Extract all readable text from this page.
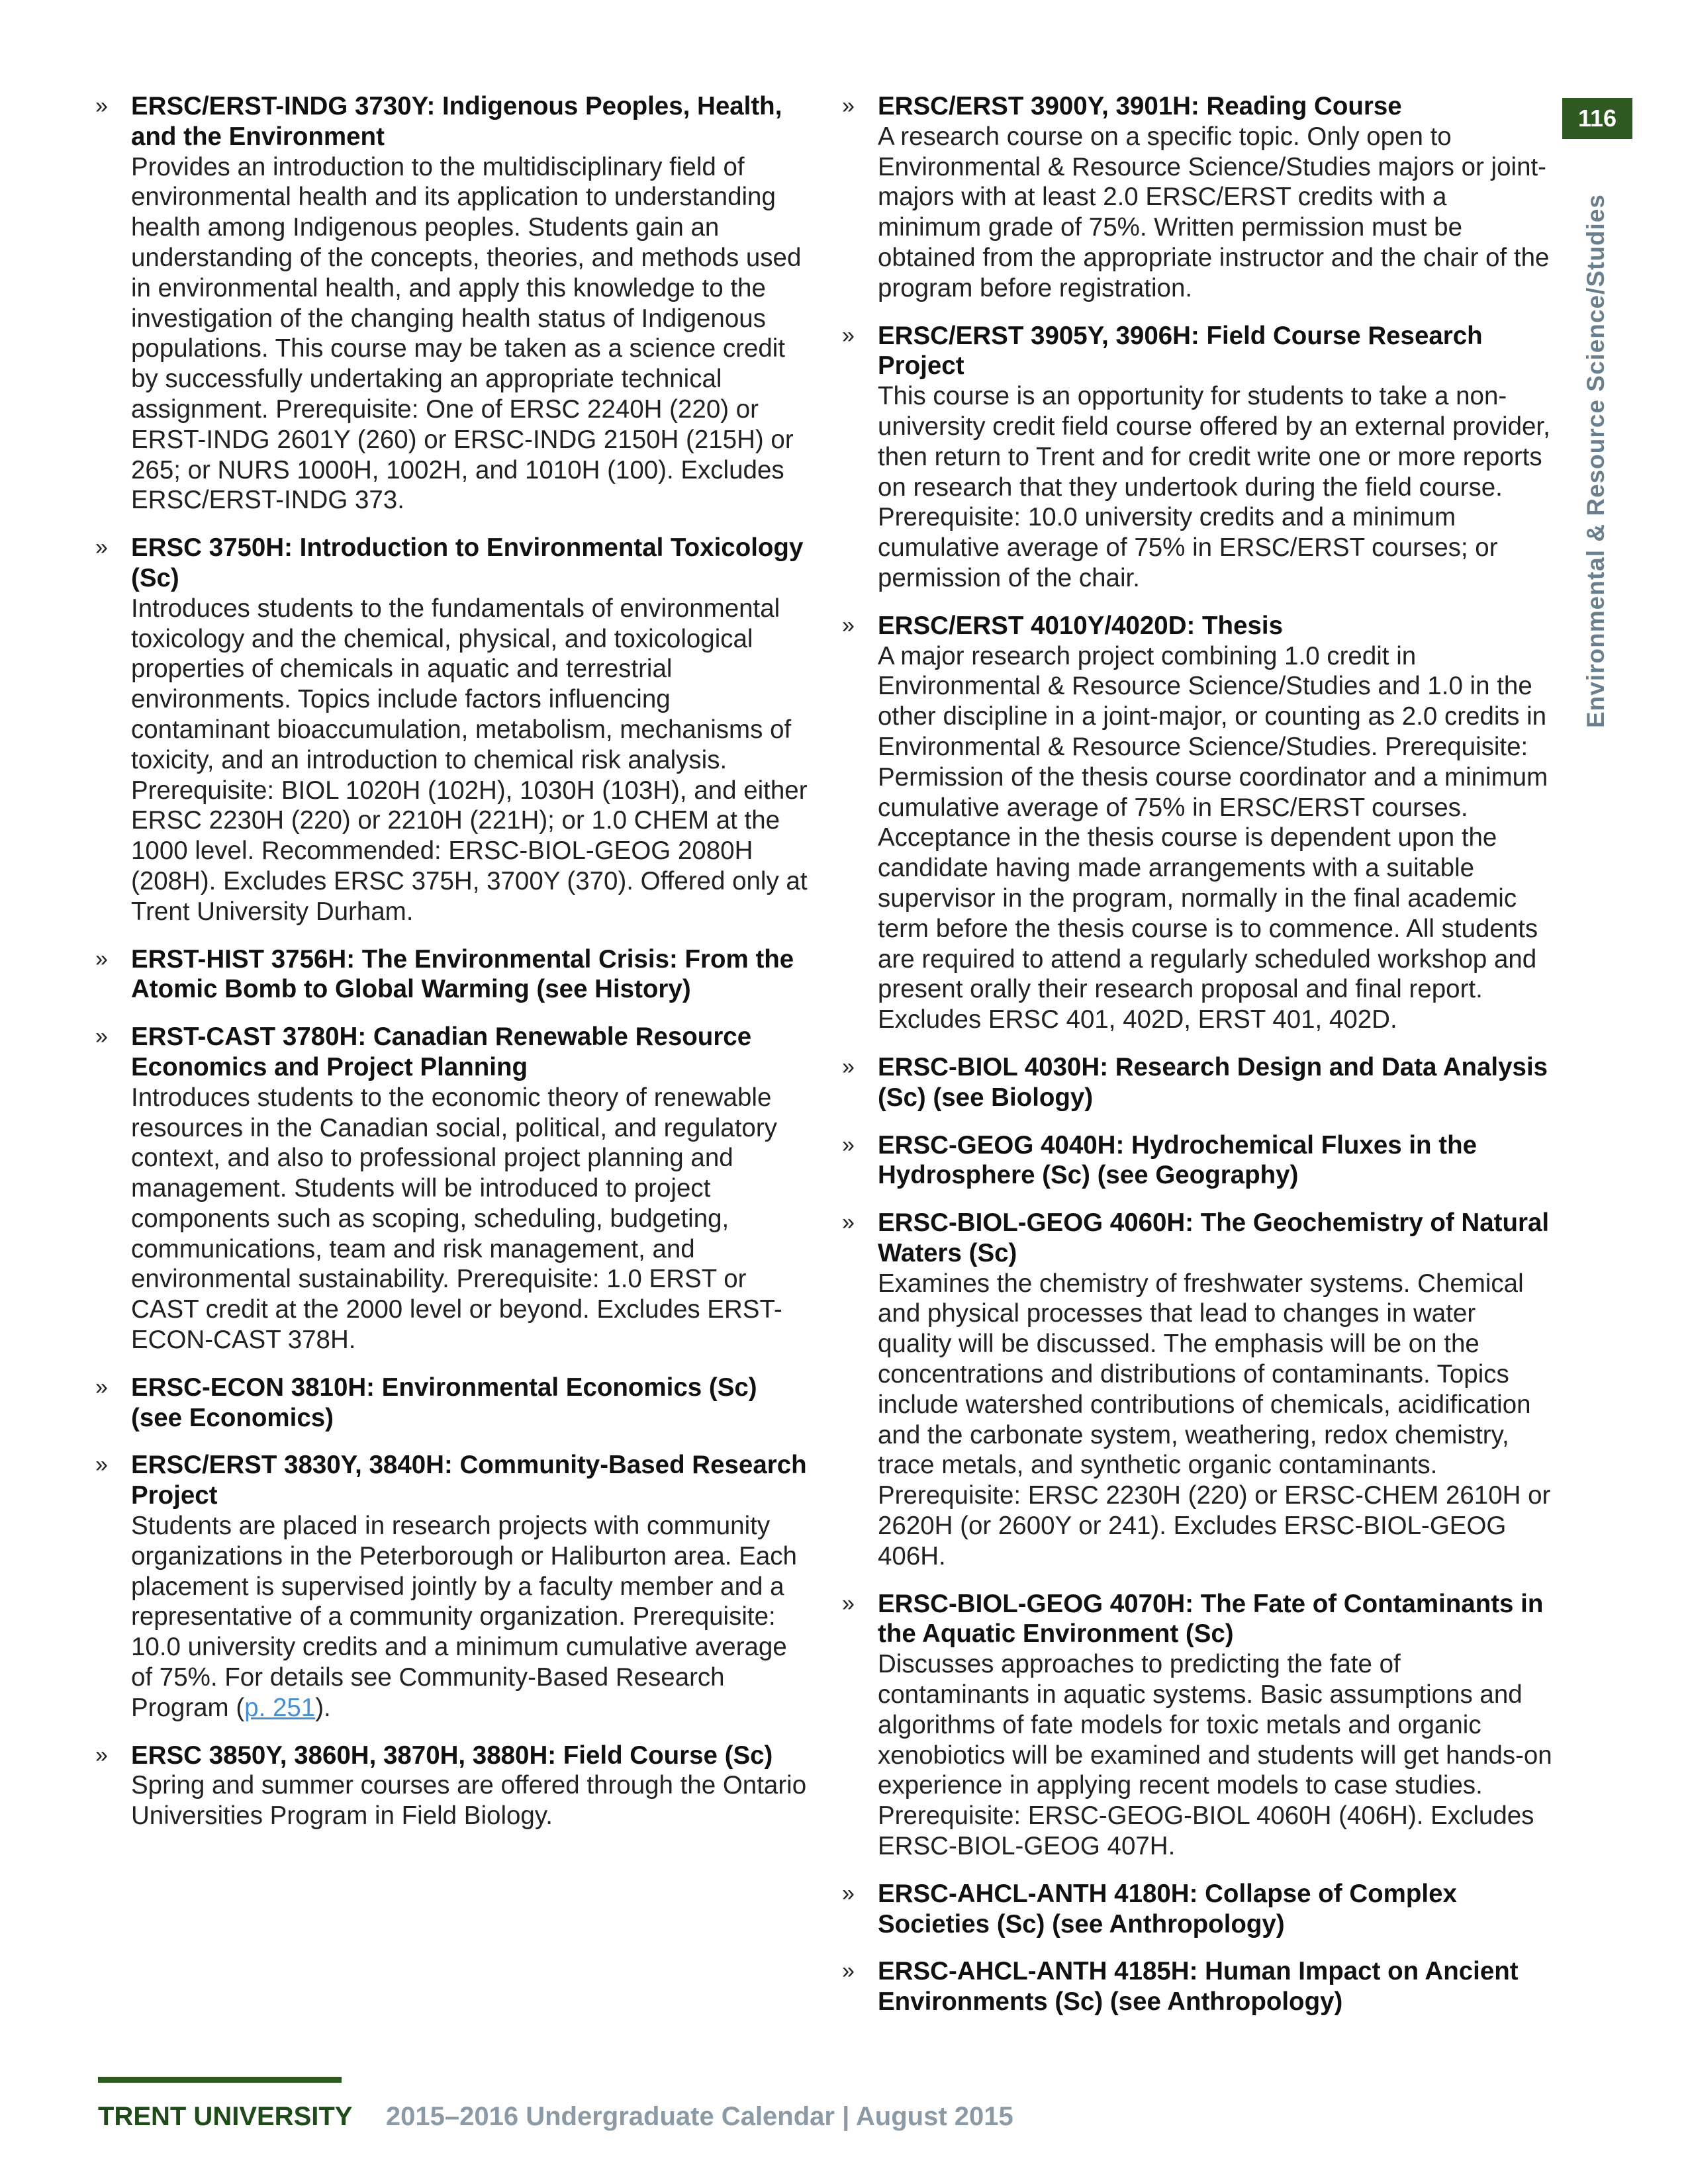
116
Environmental & Resource Science/Studies
» ERSC/ERST-INDG 3730Y: Indigenous Peoples, Health, and the Environment
Provides an introduction to the multidisciplinary field of environmental health and its application to understanding health among Indigenous peoples. Students gain an understanding of the concepts, theories, and methods used in environmental health, and apply this knowledge to the investigation of the changing health status of Indigenous populations. This course may be taken as a science credit by successfully undertaking an appropriate technical assignment. Prerequisite: One of ERSC 2240H (220) or ERST-INDG 2601Y (260) or ERSC-INDG 2150H (215H) or 265; or NURS 1000H, 1002H, and 1010H (100). Excludes ERSC/ERST-INDG 373.
» ERSC 3750H: Introduction to Environmental Toxicology (Sc)
Introduces students to the fundamentals of environmental toxicology and the chemical, physical, and toxicological properties of chemicals in aquatic and terrestrial environments. Topics include factors influencing contaminant bioaccumulation, metabolism, mechanisms of toxicity, and an introduction to chemical risk analysis. Prerequisite: BIOL 1020H (102H), 1030H (103H), and either ERSC 2230H (220) or 2210H (221H); or 1.0 CHEM at the 1000 level. Recommended: ERSC-BIOL-GEOG 2080H (208H). Excludes ERSC 375H, 3700Y (370). Offered only at Trent University Durham.
» ERST-HIST 3756H: The Environmental Crisis: From the Atomic Bomb to Global Warming (see History)
» ERST-CAST 3780H: Canadian Renewable Resource Economics and Project Planning
Introduces students to the economic theory of renewable resources in the Canadian social, political, and regulatory context, and also to professional project planning and management. Students will be introduced to project components such as scoping, scheduling, budgeting, communications, team and risk management, and environmental sustainability. Prerequisite: 1.0 ERST or CAST credit at the 2000 level or beyond. Excludes ERST-ECON-CAST 378H.
» ERSC-ECON 3810H: Environmental Economics (Sc) (see Economics)
» ERSC/ERST 3830Y, 3840H: Community-Based Research Project
Students are placed in research projects with community organizations in the Peterborough or Haliburton area. Each placement is supervised jointly by a faculty member and a representative of a community organization. Prerequisite: 10.0 university credits and a minimum cumulative average of 75%. For details see Community-Based Research Program (p. 251).
» ERSC 3850Y, 3860H, 3870H, 3880H: Field Course (Sc)
Spring and summer courses are offered through the Ontario Universities Program in Field Biology.
» ERSC/ERST 3900Y, 3901H: Reading Course
A research course on a specific topic. Only open to Environmental & Resource Science/Studies majors or joint-majors with at least 2.0 ERSC/ERST credits with a minimum grade of 75%. Written permission must be obtained from the appropriate instructor and the chair of the program before registration.
» ERSC/ERST 3905Y, 3906H: Field Course Research Project
This course is an opportunity for students to take a non-university credit field course offered by an external provider, then return to Trent and for credit write one or more reports on research that they undertook during the field course. Prerequisite: 10.0 university credits and a minimum cumulative average of 75% in ERSC/ERST courses; or permission of the chair.
» ERSC/ERST 4010Y/4020D: Thesis
A major research project combining 1.0 credit in Environmental & Resource Science/Studies and 1.0 in the other discipline in a joint-major, or counting as 2.0 credits in Environmental & Resource Science/Studies. Prerequisite: Permission of the thesis course coordinator and a minimum cumulative average of 75% in ERSC/ERST courses. Acceptance in the thesis course is dependent upon the candidate having made arrangements with a suitable supervisor in the program, normally in the final academic term before the thesis course is to commence. All students are required to attend a regularly scheduled workshop and present orally their research proposal and final report. Excludes ERSC 401, 402D, ERST 401, 402D.
» ERSC-BIOL 4030H: Research Design and Data Analysis (Sc) (see Biology)
» ERSC-GEOG 4040H: Hydrochemical Fluxes in the Hydrosphere (Sc) (see Geography)
» ERSC-BIOL-GEOG 4060H: The Geochemistry of Natural Waters (Sc)
Examines the chemistry of freshwater systems. Chemical and physical processes that lead to changes in water quality will be discussed. The emphasis will be on the concentrations and distributions of contaminants. Topics include watershed contributions of chemicals, acidification and the carbonate system, weathering, redox chemistry, trace metals, and synthetic organic contaminants. Prerequisite: ERSC 2230H (220) or ERSC-CHEM 2610H or 2620H (or 2600Y or 241). Excludes ERSC-BIOL-GEOG 406H.
» ERSC-BIOL-GEOG 4070H: The Fate of Contaminants in the Aquatic Environment (Sc)
Discusses approaches to predicting the fate of contaminants in aquatic systems. Basic assumptions and algorithms of fate models for toxic metals and organic xenobiotics will be examined and students will get hands-on experience in applying recent models to case studies. Prerequisite: ERSC-GEOG-BIOL 4060H (406H). Excludes ERSC-BIOL-GEOG 407H.
» ERSC-AHCL-ANTH 4180H: Collapse of Complex Societies (Sc) (see Anthropology)
» ERSC-AHCL-ANTH 4185H: Human Impact on Ancient Environments (Sc) (see Anthropology)
TRENT UNIVERSITY 2015–2016 Undergraduate Calendar | August 2015
